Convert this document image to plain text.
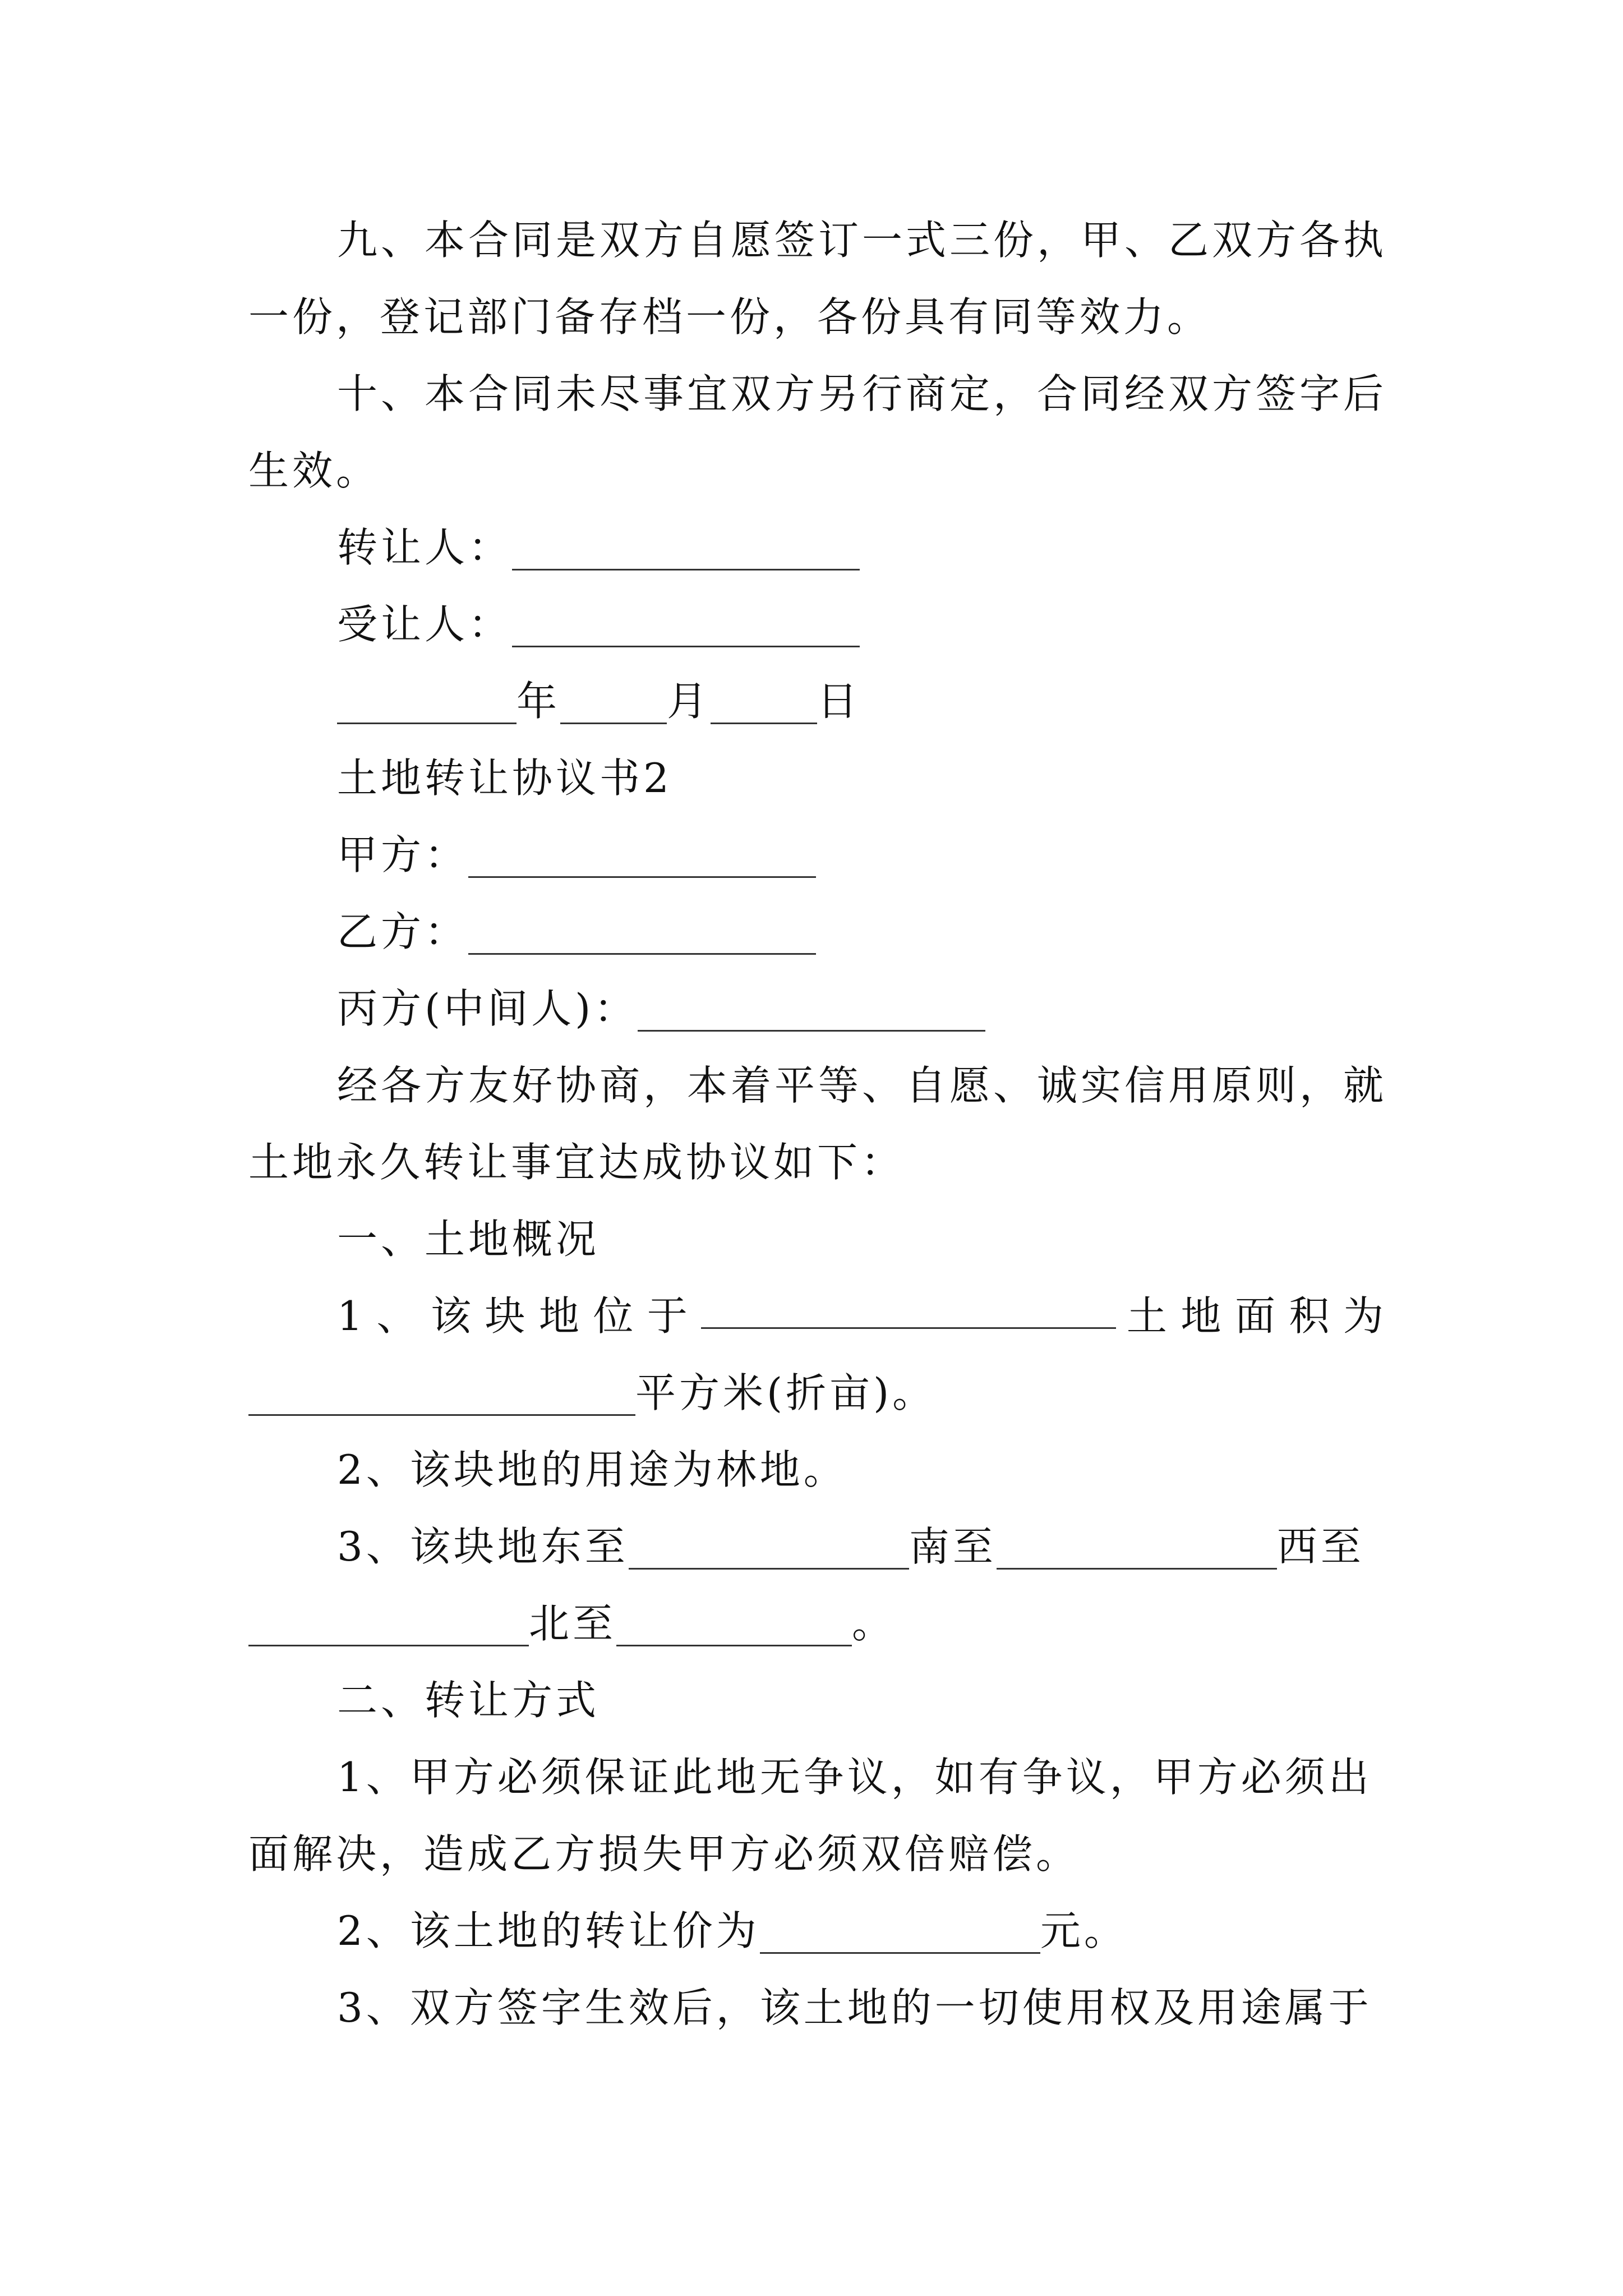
九、本合同是双方自愿签订一式三份，甲、乙双方各执
一份，登记部门备存档一份，各份具有同等效力。
十、本合同未尽事宜双方另行商定，合同经双方签字后
生效。
转让人：
受让人：
年	月	日
土地转让协议书2
甲方：
乙方：
丙方(中间人)：
经各方友好协商，本着平等、自愿、诚实信用原则，就
土地永久转让事宜达成协议如下：
一、土地概况
1 、 该 块 地 位 于	土 地 面 积 为
平方米(折亩)。
2、该块地的用途为林地。
3、该块地东至	南至	西至
北至	。
二、转让方式
1、甲方必须保证此地无争议，如有争议，甲方必须出
面解决，造成乙方损失甲方必须双倍赔偿。
2、该土地的转让价为	元。
3、双方签字生效后，该土地的一切使用权及用途属于
